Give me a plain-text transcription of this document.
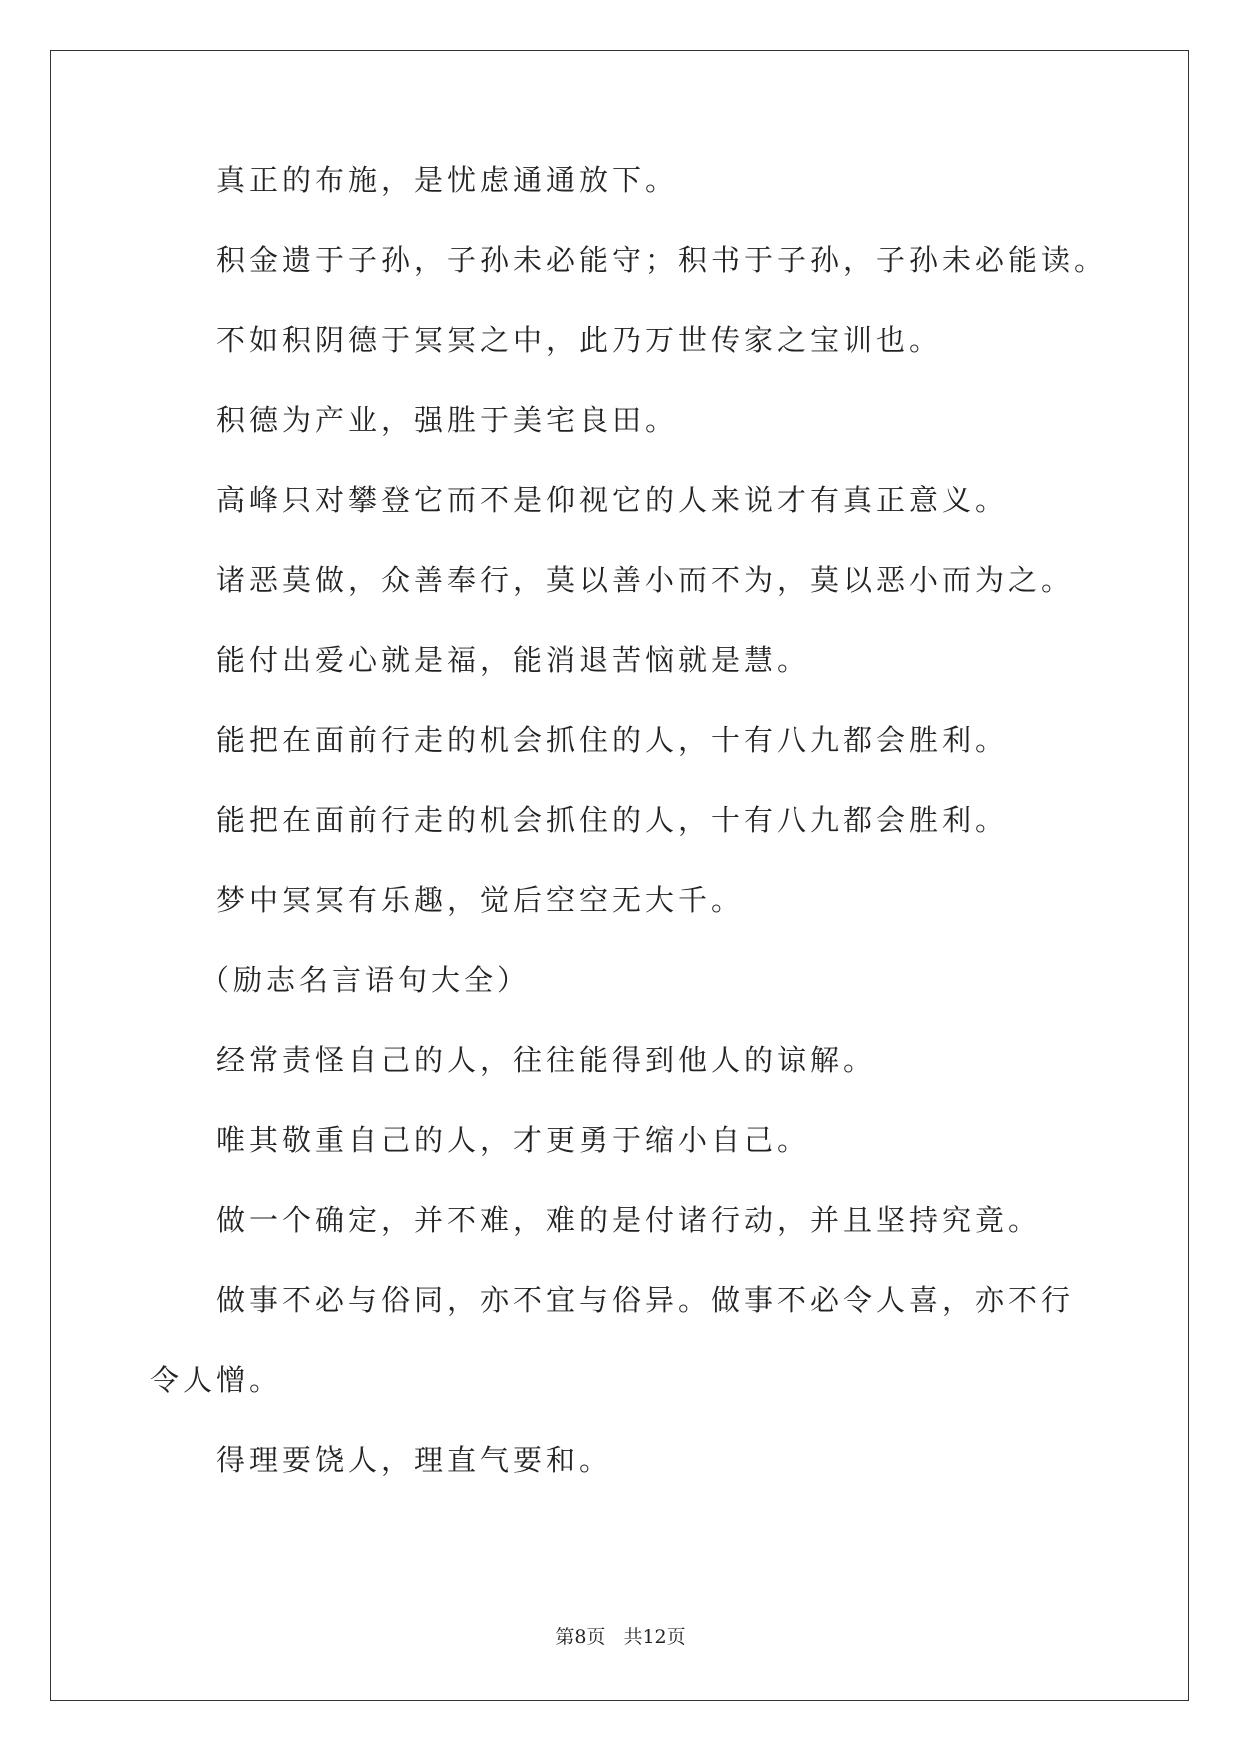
真正的布施，是忧虑通通放下。

积金遗于子孙，子孙未必能守；积书于子孙，子孙未必能读。

不如积阴德于冥冥之中，此乃万世传家之宝训也。

积德为产业，强胜于美宅良田。

高峰只对攀登它而不是仰视它的人来说才有真正意义。

诸恶莫做，众善奉行，莫以善小而不为，莫以恶小而为之。

能付出爱心就是福，能消退苦恼就是慧。

能把在面前行走的机会抓住的人，十有八九都会胜利。

能把在面前行走的机会抓住的人，十有八九都会胜利。

梦中冥冥有乐趣，觉后空空无大千。

（励志名言语句大全）

经常责怪自己的人，往往能得到他人的谅解。

唯其敬重自己的人，才更勇于缩小自己。

做一个确定，并不难，难的是付诸行动，并且坚持究竟。

做事不必与俗同，亦不宜与俗异。做事不必令人喜，亦不行令人憎。

得理要饶人，理直气要和。

第8页 共12页
